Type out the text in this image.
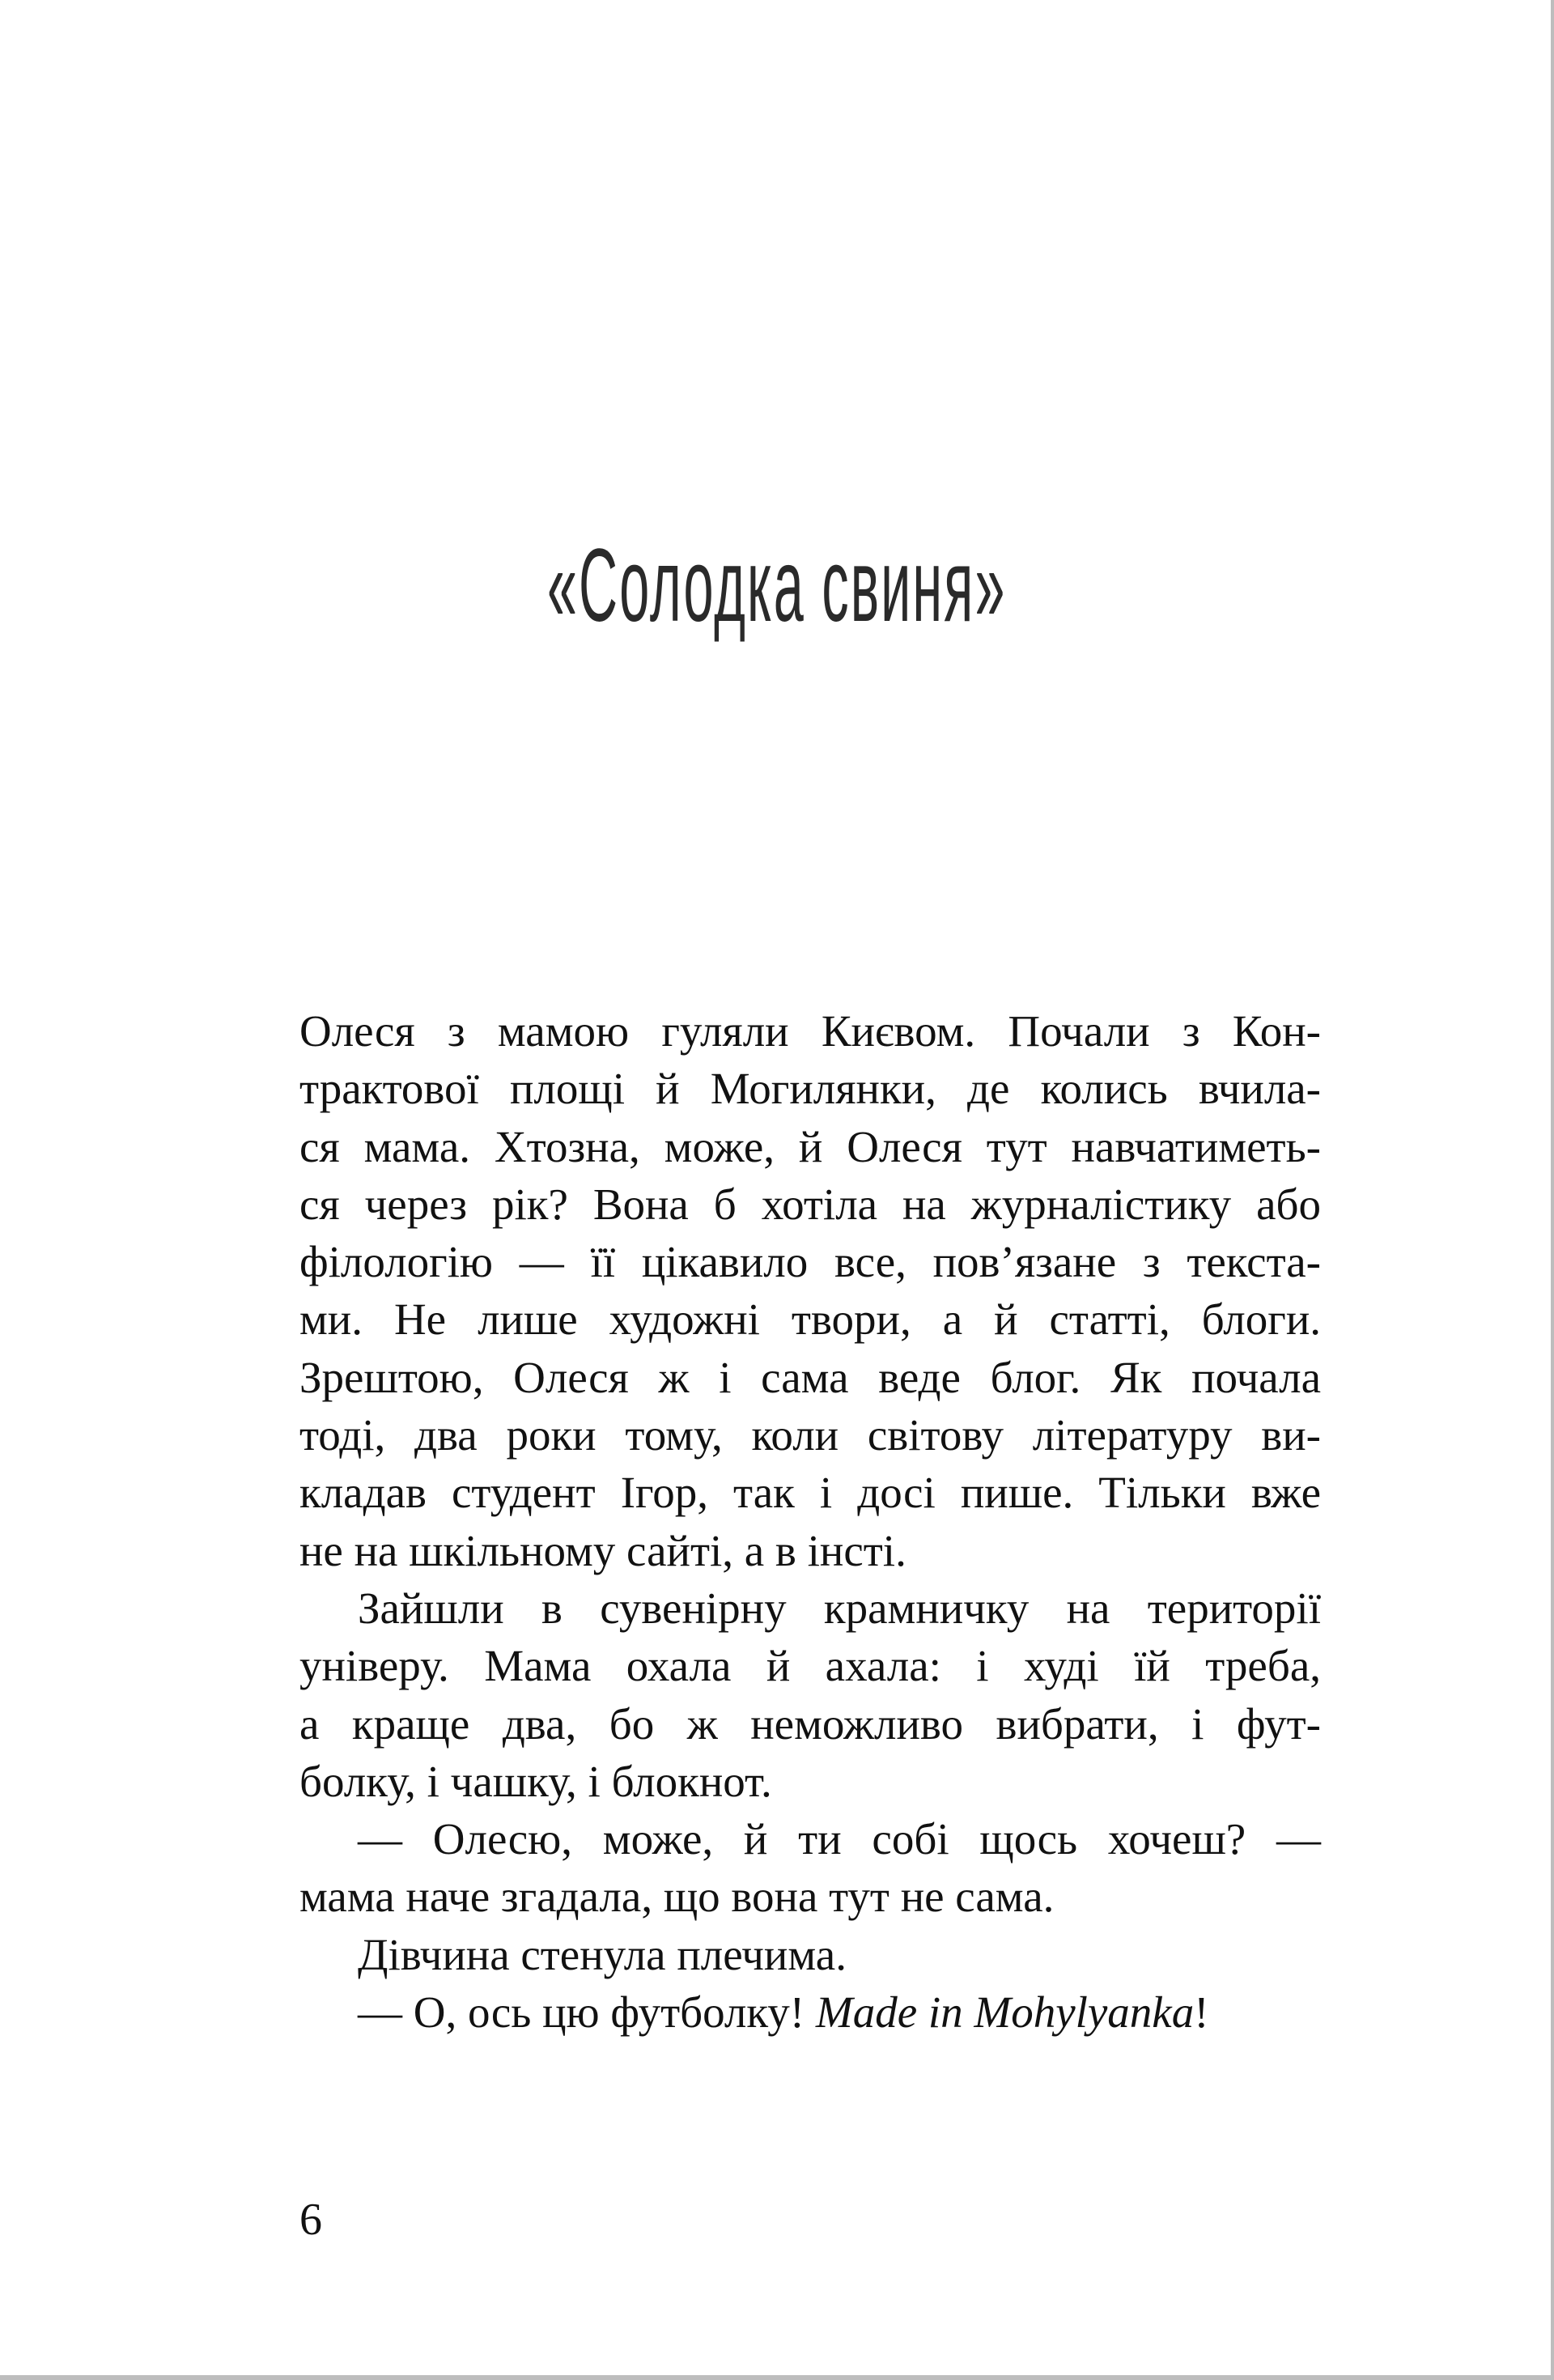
«Солодка свиня»
Олеся з мамою гуляли Києвом. Почали з Кон-
трактової площі й Могилянки, де колись вчила-
ся мама. Хтозна, може, й Олеся тут навчатиметь-
ся через рік? Вона б хотіла на журналістику або
філологію — її цікавило все, пов’язане з текста-
ми. Не лише художні твори, а й статті, блоги.
Зрештою, Олеся ж і сама веде блог. Як почала
тоді, два роки тому, коли світову літературу ви-
кладав студент Ігор, так і досі пише. Тільки вже
не на шкільному сайті, а в інсті.
Зайшли в сувенірну крамничку на території
універу. Мама охала й ахала: і худі їй треба,
а краще два, бо ж неможливо вибрати, і фут-
болку, і чашку, і блокнот.
— Олесю, може, й ти собі щось хочеш? —
мама наче згадала, що вона тут не сама.
Дівчина стенула плечима.
— О, ось цю футболку! Made in Mohylyanka!
6
